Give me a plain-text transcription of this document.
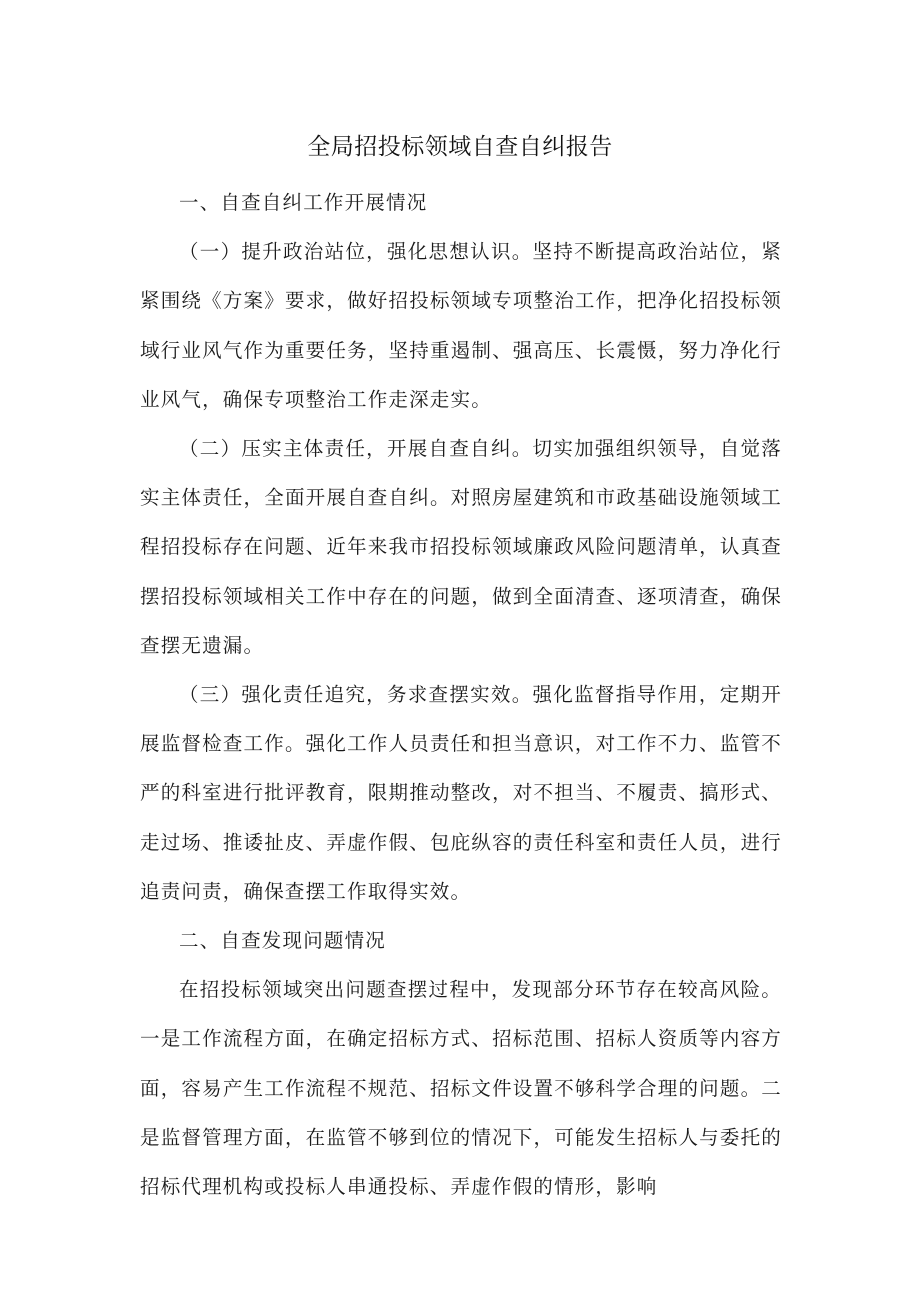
全局招投标领域自查自纠报告

一、自查自纠工作开展情况

（一）提升政治站位，强化思想认识。坚持不断提高政治站位，紧紧围绕《方案》要求，做好招投标领域专项整治工作，把净化招投标领域行业风气作为重要任务，坚持重遏制、强高压、长震慑，努力净化行业风气，确保专项整治工作走深走实。

（二）压实主体责任，开展自查自纠。切实加强组织领导，自觉落实主体责任，全面开展自查自纠。对照房屋建筑和市政基础设施领域工程招投标存在问题、近年来我市招投标领域廉政风险问题清单，认真查摆招投标领域相关工作中存在的问题，做到全面清查、逐项清查，确保查摆无遗漏。

（三）强化责任追究，务求查摆实效。强化监督指导作用，定期开展监督检查工作。强化工作人员责任和担当意识，对工作不力、监管不严的科室进行批评教育，限期推动整改，对不担当、不履责、搞形式、走过场、推诿扯皮、弄虚作假、包庇纵容的责任科室和责任人员，进行追责问责，确保查摆工作取得实效。

二、自查发现问题情况

在招投标领域突出问题查摆过程中，发现部分环节存在较高风险。一是工作流程方面，在确定招标方式、招标范围、招标人资质等内容方面，容易产生工作流程不规范、招标文件设置不够科学合理的问题。二是监督管理方面，在监管不够到位的情况下，可能发生招标人与委托的招标代理机构或投标人串通投标、弄虚作假的情形，影响
